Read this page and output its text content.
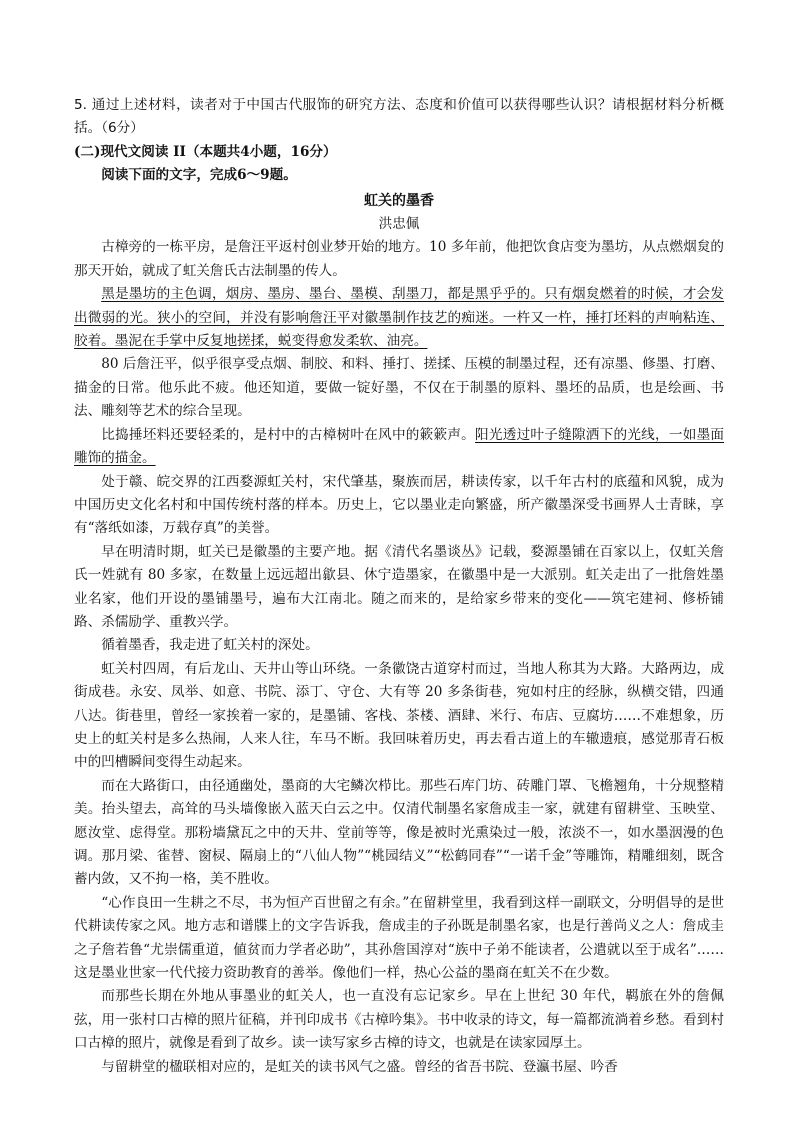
5. 通过上述材料，读者对于中国古代服饰的研究方法、态度和价值可以获得哪些认识？请根据材料分析概括。（6分）

(二)现代文阅读 II（本题共4小题，16分）

阅读下面的文字，完成6～9题。

虹关的墨香

洪忠佩

古樟旁的一栋平房，是詹汪平返村创业梦开始的地方。10 多年前，他把饮食店变为墨坊，从点燃烟炱的那天开始，就成了虹关詹氏古法制墨的传人。

黑是墨坊的主色调，烟房、墨房、墨台、墨模、刮墨刀，都是黑乎乎的。只有烟炱燃着的时候，才会发出微弱的光。狭小的空间，并没有影响詹汪平对徽墨制作技艺的痴迷。一杵又一杵，捶打坯料的声响粘连、胶着。墨泥在手掌中反复地搓揉，蜕变得愈发柔软、油亮。

80 后詹汪平，似乎很享受点烟、制胶、和料、捶打、搓揉、压模的制墨过程，还有凉墨、修墨、打磨、描金的日常。他乐此不疲。他还知道，要做一锭好墨，不仅在于制墨的原料、墨坯的品质，也是绘画、书法、雕刻等艺术的综合呈现。

比捣捶坯料还要轻柔的，是村中的古樟树叶在风中的簌簌声。阳光透过叶子缝隙洒下的光线，一如墨面雕饰的描金。

处于赣、皖交界的江西婺源虹关村，宋代肇基，聚族而居，耕读传家，以千年古村的底蕴和风貌，成为中国历史文化名村和中国传统村落的样本。历史上，它以墨业走向繁盛，所产徽墨深受书画界人士青睐，享有“落纸如漆，万载存真”的美誉。

早在明清时期，虹关已是徽墨的主要产地。据《清代名墨谈丛》记载，婺源墨铺在百家以上，仅虹关詹氏一姓就有 80 多家，在数量上远远超出歙县、休宁造墨家，在徽墨中是一大派别。虹关走出了一批詹姓墨业名家，他们开设的墨铺墨号，遍布大江南北。随之而来的，是给家乡带来的变化——筑宅建祠、修桥铺路、杀儒励学、重教兴学。

循着墨香，我走进了虹关村的深处。

虹关村四周，有后龙山、天井山等山环绕。一条徽饶古道穿村而过，当地人称其为大路。大路两边，成街成巷。永安、凤举、如意、书院、添丁、守仓、大有等 20 多条街巷，宛如村庄的经脉，纵横交错，四通八达。街巷里，曾经一家挨着一家的，是墨铺、客栈、茶楼、酒肆、米行、布店、豆腐坊……不难想象，历史上的虹关村是多么热闹，人来人往，车马不断。我回味着历史，再去看古道上的车辙遗痕，感觉那青石板中的凹槽瞬间变得生动起来。

而在大路街口，由径通幽处，墨商的大宅鳞次栉比。那些石库门坊、砖雕门罩、飞檐翘角，十分规整精美。抬头望去，高耸的马头墙像嵌入蓝天白云之中。仅清代制墨名家詹成圭一家，就建有留耕堂、玉映堂、愿汝堂、虑得堂。那粉墙黛瓦之中的天井、堂前等等，像是被时光熏染过一般，浓淡不一，如水墨洇漫的色调。那月梁、雀替、窗棂、隔扇上的“八仙人物”“桃园结义”“松鹤同春”“一诺千金”等雕饰，精雕细刻，既含蓄内敛，又不拘一格，美不胜收。

“心作良田一生耕之不尽，书为恒产百世留之有余。”在留耕堂里，我看到这样一副联文，分明倡导的是世代耕读传家之风。地方志和谱牒上的文字告诉我，詹成圭的子孙既是制墨名家，也是行善尚义之人：詹成圭之子詹若鲁“尤崇儒重道，値贫而力学者必助”，其孙詹国淳对“族中子弟不能读者，公遣就以至于成名”……这是墨业世家一代代接力资助教育的善举。像他们一样，热心公益的墨商在虹关不在少数。

而那些长期在外地从事墨业的虹关人，也一直没有忘记家乡。早在上世纪 30 年代，羁旅在外的詹佩弦，用一张村口古樟的照片征稿，并刊印成书《古樟吟集》。书中收录的诗文，每一篇都流淌着乡愁。看到村口古樟的照片，就像是看到了故乡。读一读写家乡古樟的诗文，也就是在读家园厚土。

与留耕堂的楹联相对应的，是虹关的读书风气之盛。曾经的省吾书院、登瀛书屋、吟香
